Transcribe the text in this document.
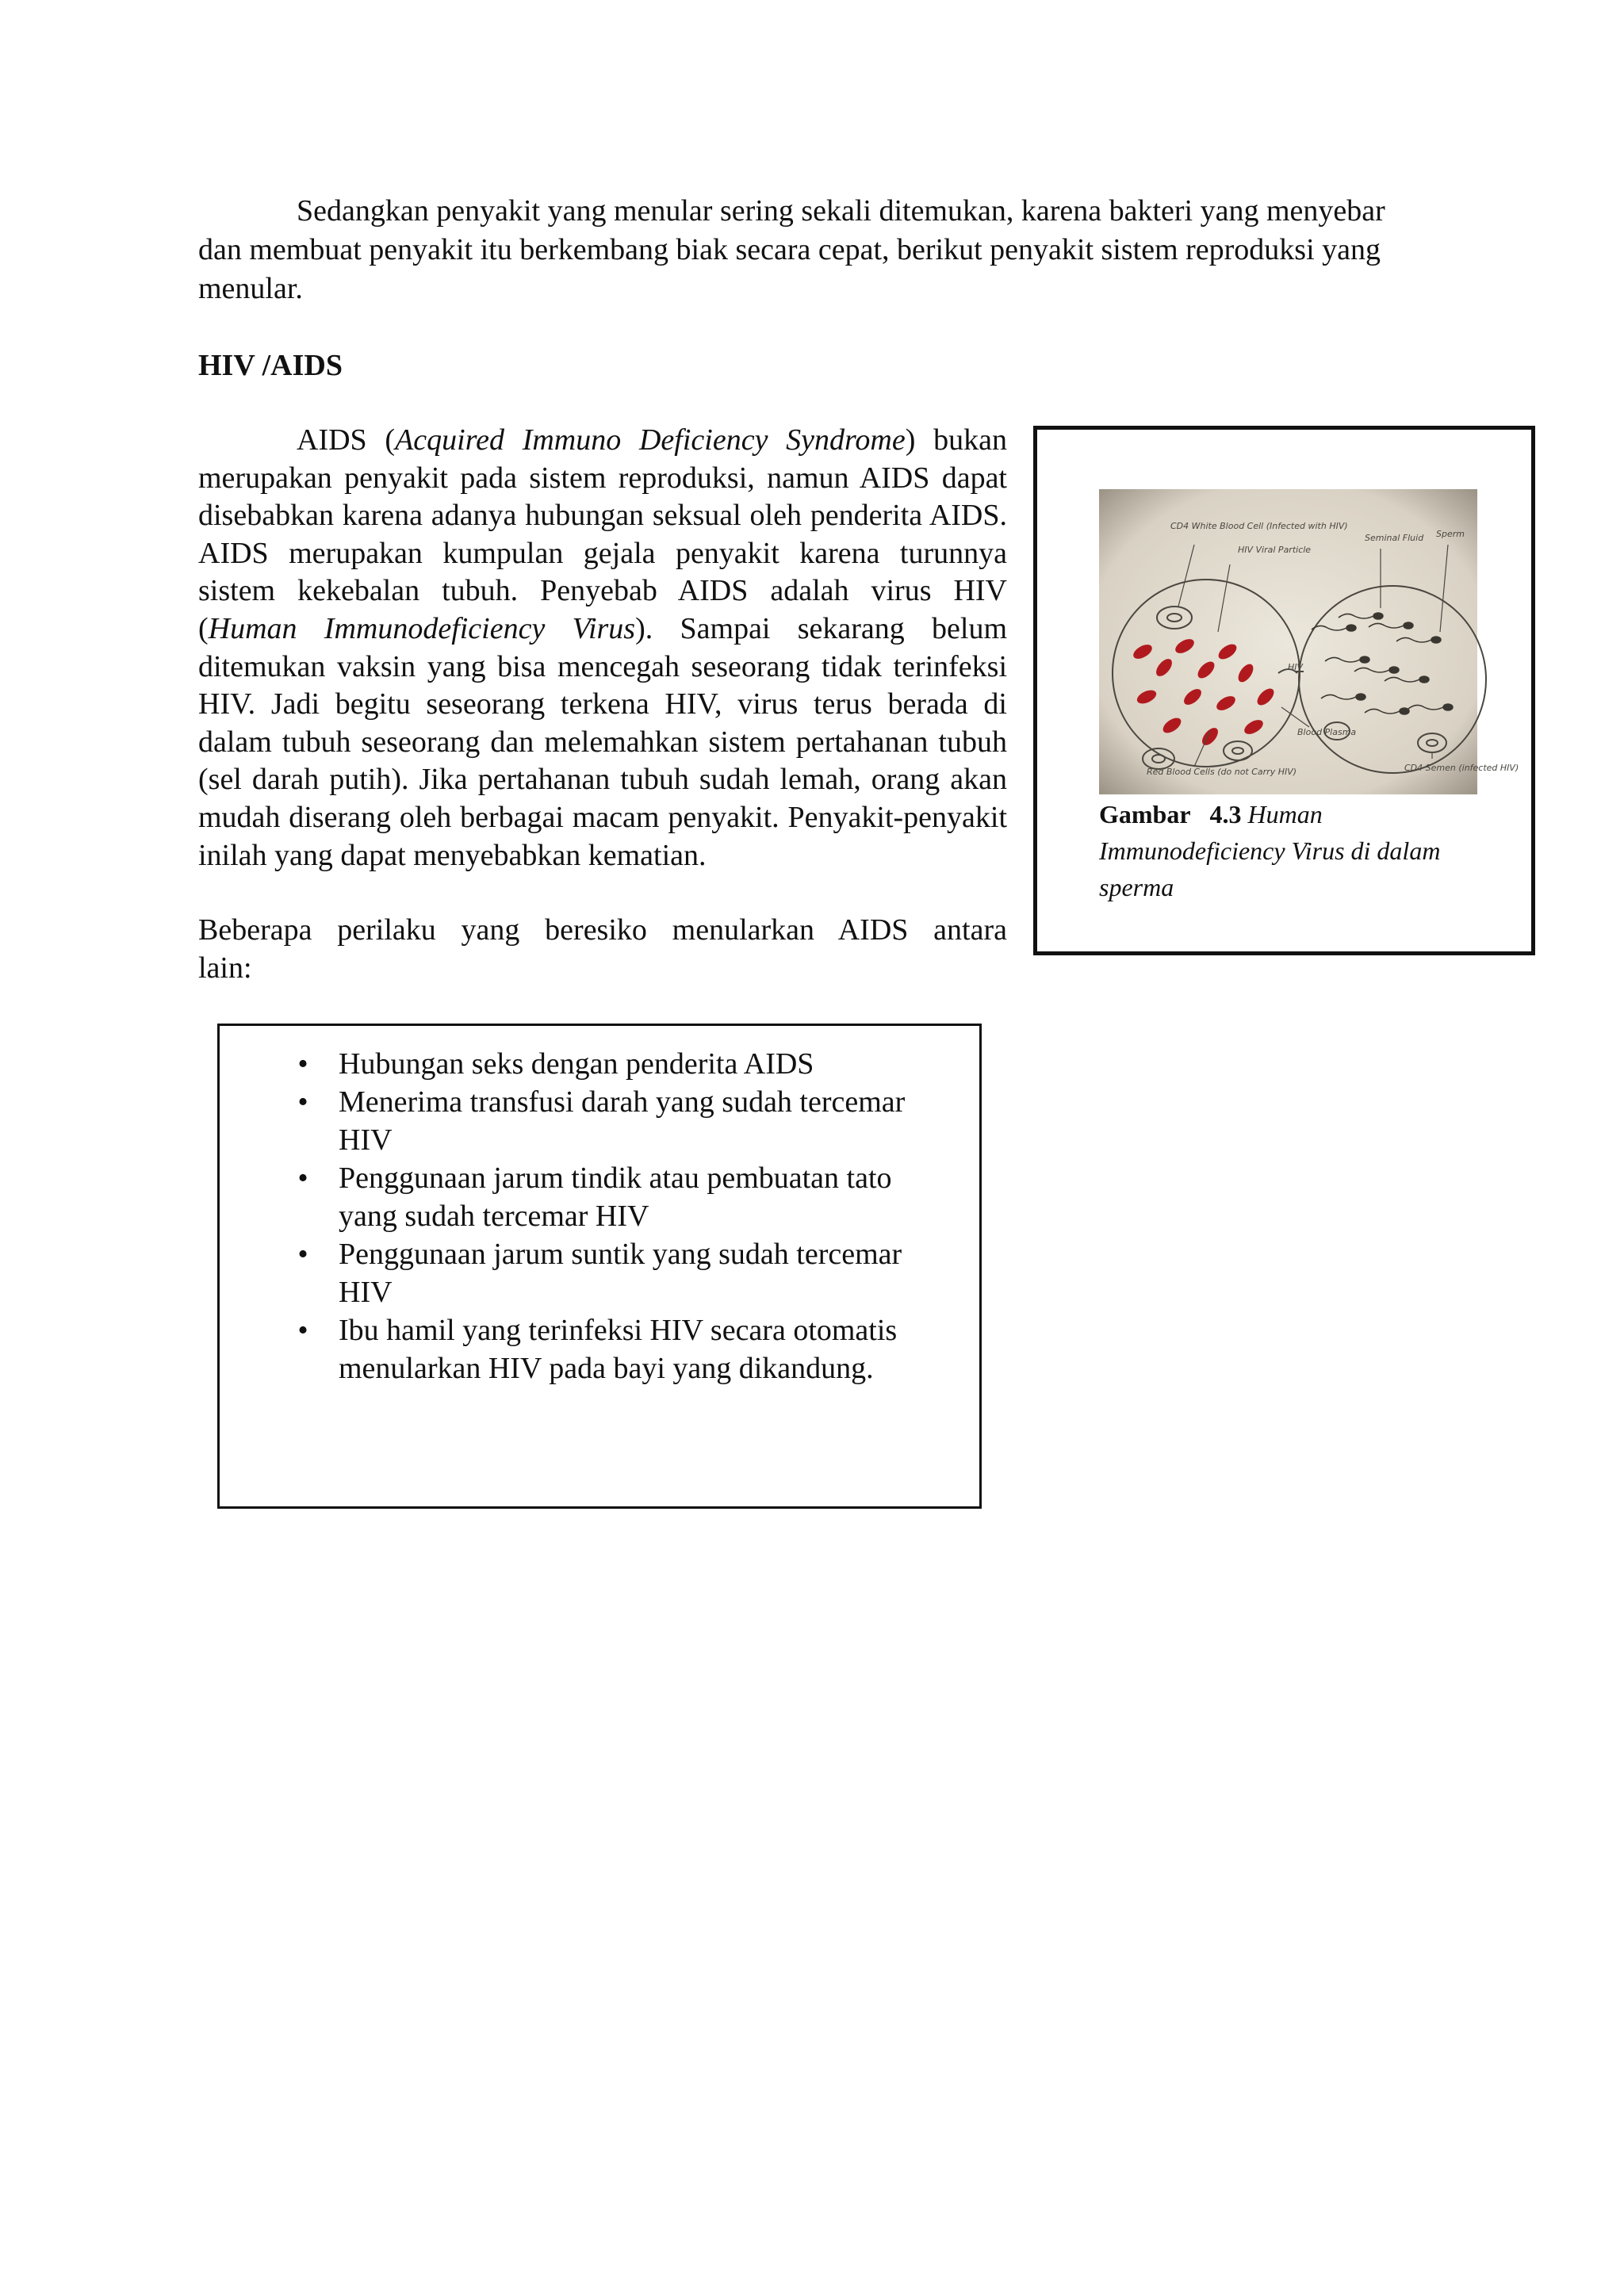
Sedangkan penyakit yang menular sering sekali ditemukan, karena bakteri yang menyebar dan membuat penyakit itu berkembang biak secara cepat, berikut penyakit sistem reproduksi yang menular.

HIV /AIDS

AIDS (Acquired Immuno Deficiency Syndrome) bukan merupakan penyakit pada sistem reproduksi, namun AIDS dapat disebabkan karena adanya hubungan seksual oleh penderita AIDS. AIDS merupakan kumpulan gejala penyakit karena turunnya sistem kekebalan tubuh. Penyebab AIDS adalah virus HIV (Human Immunodeficiency Virus). Sampai sekarang belum ditemukan vaksin yang bisa mencegah seseorang tidak terinfeksi HIV. Jadi begitu seseorang terkena HIV, virus terus berada di dalam tubuh seseorang dan melemahkan sistem pertahanan tubuh (sel darah putih). Jika pertahanan tubuh sudah lemah, orang akan mudah diserang oleh berbagai macam penyakit. Penyakit-penyakit inilah yang dapat menyebabkan kematian.

Beberapa perilaku yang beresiko menularkan AIDS antara

lain:

CD4 White Blood Cell (Infected with HIV)
HIV Viral Particle
Seminal Fluid Sperm
HIV
Red Blood Cells (do not Carry HIV)
Blood Plasma
CD4 Semen (infected HIV)

Gambar 4.3 Human Immunodeficiency Virus di dalam sperma

• Hubungan seks dengan penderita AIDS
• Menerima transfusi darah yang sudah tercemar HIV
• Penggunaan jarum tindik atau pembuatan tato yang sudah tercemar HIV
• Penggunaan jarum suntik yang sudah tercemar HIV
• Ibu hamil yang terinfeksi HIV secara otomatis menularkan HIV pada bayi yang dikandung.
